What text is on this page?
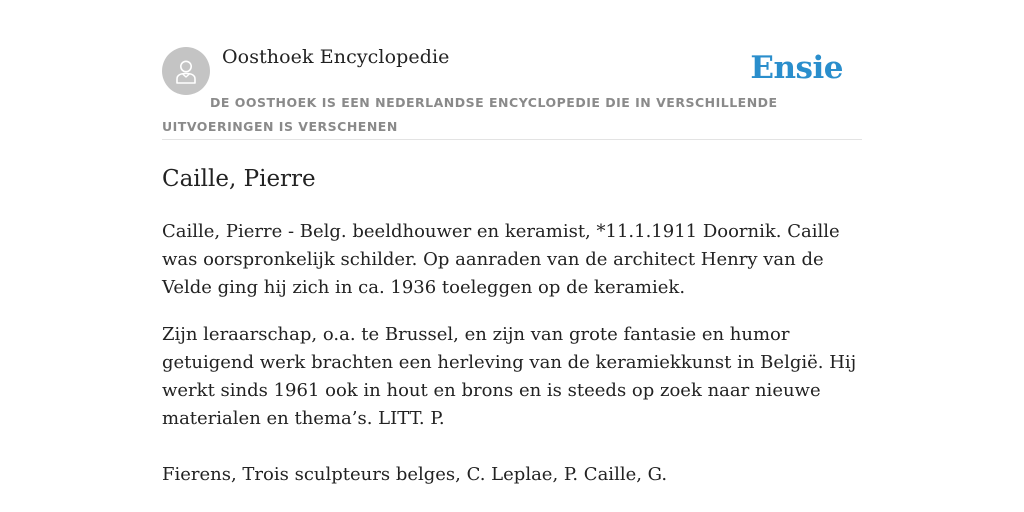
Oosthoek Encyclopedie	Ensie
DE OOSTHOEK IS EEN NEDERLANDSE ENCYCLOPEDIE DIE IN VERSCHILLENDE UITVOERINGEN IS VERSCHENEN
Caille, Pierre

Caille, Pierre - Belg. beeldhouwer en keramist, *11.1.1911 Doornik. Caille was oorspronkelijk schilder. Op aanraden van de architect Henry van de Velde ging hij zich in ca. 1936 toeleggen op de keramiek.

Zijn leraarschap, o.a. te Brussel, en zijn van grote fantasie en humor getuigend werk brachten een herleving van de keramiekkunst in België. Hij werkt sinds 1961 ook in hout en brons en is steeds op zoek naar nieuwe materialen en thema’s. LITT. P.

Fierens, Trois sculpteurs belges, C. Leplae, P. Caille, G.
